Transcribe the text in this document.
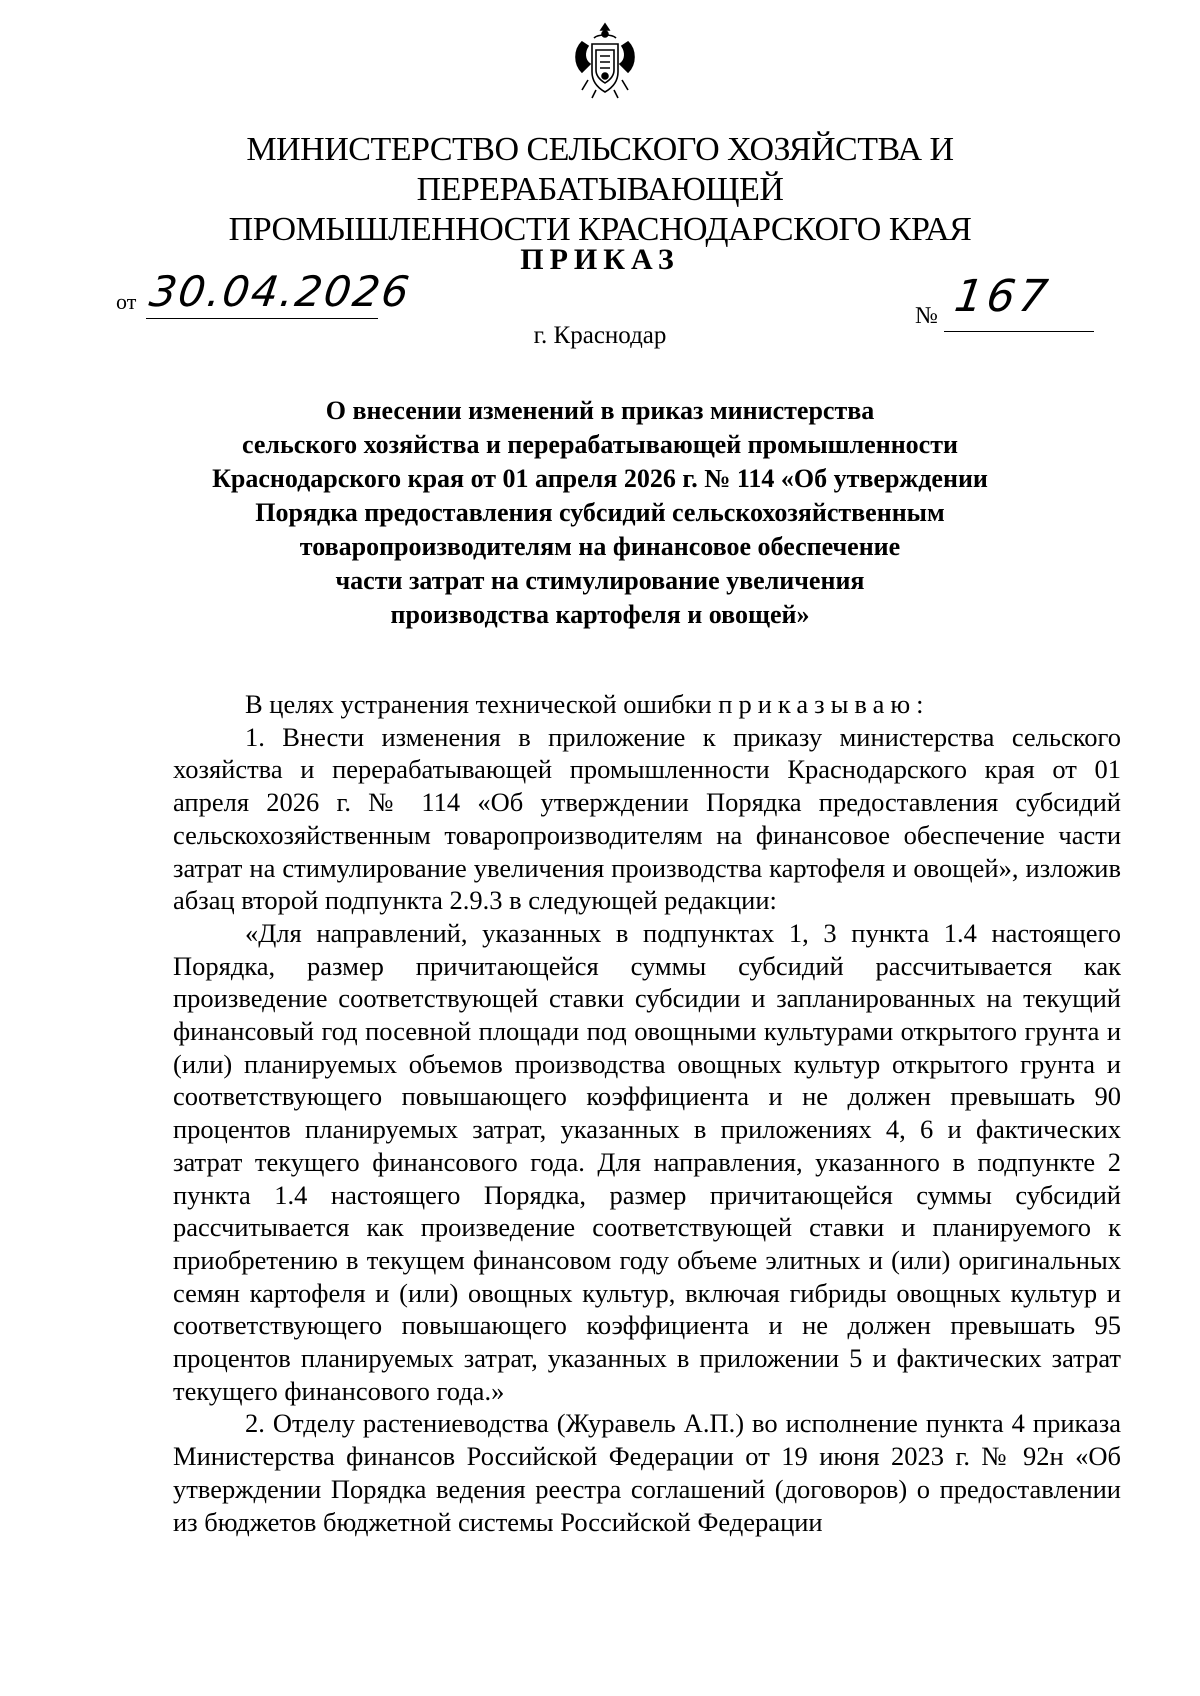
МИНИСТЕРСТВО СЕЛЬСКОГО ХОЗЯЙСТВА И ПЕРЕРАБАТЫВАЮЩЕЙ
ПРОМЫШЛЕННОСТИ КРАСНОДАРСКОГО КРАЯ
ПРИКАЗ
от 30.04.2026	№ 167
г. Краснодар
О внесении изменений в приказ министерства
сельского хозяйства и перерабатывающей промышленности
Краснодарского края от 01 апреля 2026 г. № 114 «Об утверждении
Порядка предоставления субсидий сельскохозяйственным
товаропроизводителям на финансовое обеспечение
части затрат на стимулирование увеличения
производства картофеля и овощей»

В целях устранения технической ошибки приказываю:

1. Внести изменения в приложение к приказу министерства сельского хозяйства и перерабатывающей промышленности Краснодарского края от 01 апреля 2026 г. № 114 «Об утверждении Порядка предоставления субсидий сельскохозяйственным товаропроизводителям на финансовое обеспечение части затрат на стимулирование увеличения производства картофеля и овощей», изложив абзац второй подпункта 2.9.3 в следующей редакции:

«Для направлений, указанных в подпунктах 1, 3 пункта 1.4 настоящего Порядка, размер причитающейся суммы субсидий рассчитывается как произведение соответствующей ставки субсидии и запланированных на текущий финансовый год посевной площади под овощными культурами открытого грунта и (или) планируемых объемов производства овощных культур открытого грунта и соответствующего повышающего коэффициента и не должен превышать 90 процентов планируемых затрат, указанных в приложениях 4, 6 и фактических затрат текущего финансового года. Для направления, указанного в подпункте 2 пункта 1.4 настоящего Порядка, размер причитающейся суммы субсидий рассчитывается как произведение соответствующей ставки и планируемого к приобретению в текущем финансовом году объеме элитных и (или) оригинальных семян картофеля и (или) овощных культур, включая гибриды овощных культур и соответствующего повышающего коэффициента и не должен превышать 95 процентов планируемых затрат, указанных в приложении 5 и фактических затрат текущего финансового года.»

2. Отделу растениеводства (Журавель А.П.) во исполнение пункта 4 приказа Министерства финансов Российской Федерации от 19 июня 2023 г. № 92н «Об утверждении Порядка ведения реестра соглашений (договоров) о предоставлении из бюджетов бюджетной системы Российской Федерации
